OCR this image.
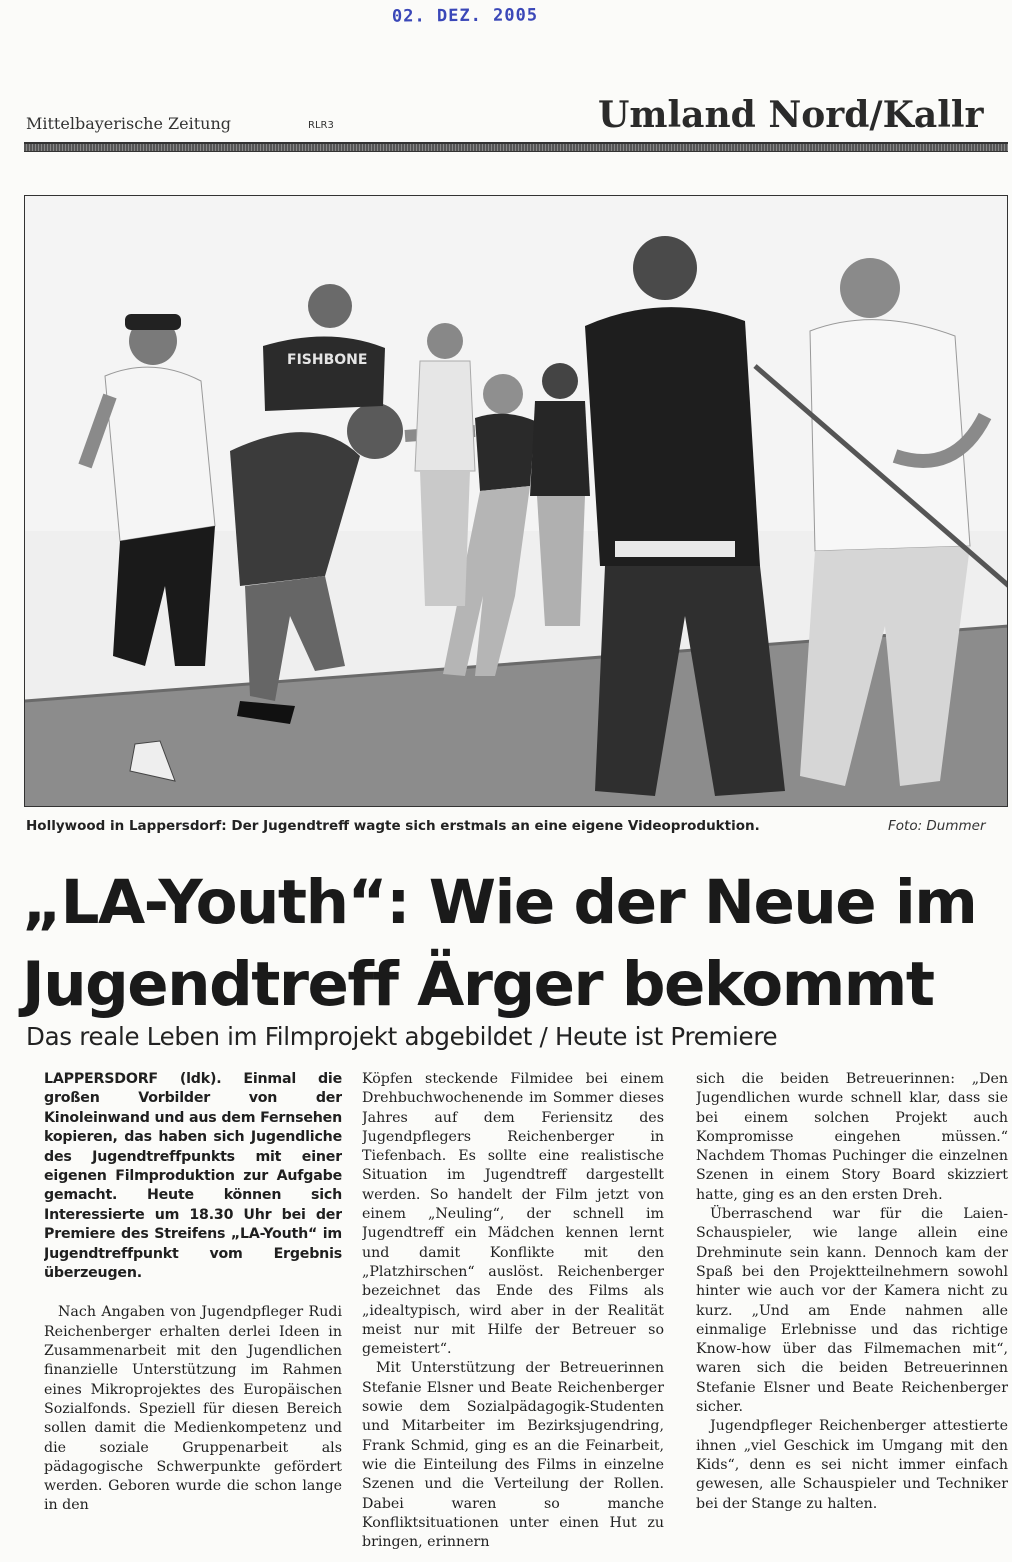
02. DEZ. 2005
Mittelbayerische Zeitung	RLR3	Umland Nord/Kallr
FISHBONE
Hollywood in Lappersdorf: Der Jugendtreff wagte sich erstmals an eine eigene Videoproduktion.	Foto: Dummer
„LA-Youth“: Wie der Neue im
Jugendtreff Ärger bekommt
Das reale Leben im Filmprojekt abgebildet / Heute ist Premiere

LAPPERSDORF (ldk). Einmal die großen Vorbilder von der Kinoleinwand und aus dem Fernsehen kopieren, das haben sich Jugendliche des Jugendtreffpunkts mit einer eigenen Filmproduktion zur Aufgabe gemacht. Heute können sich Interessierte um 18.30 Uhr bei der Premiere des Streifens „LA-Youth“ im Jugendtreffpunkt vom Ergebnis überzeugen.

Nach Angaben von Jugendpfleger Rudi Reichenberger erhalten derlei Ideen in Zusammenarbeit mit den Jugendlichen finanzielle Unterstützung im Rahmen eines Mikroprojektes des Europäischen Sozialfonds. Speziell für diesen Bereich sollen damit die Medienkompetenz und die soziale Gruppenarbeit als pädagogische Schwerpunkte gefördert werden. Geboren wurde die schon lange in den

Köpfen steckende Filmidee bei einem Drehbuchwochenende im Sommer dieses Jahres auf dem Feriensitz des Jugendpflegers Reichenberger in Tiefenbach. Es sollte eine realistische Situation im Jugendtreff dargestellt werden. So handelt der Film jetzt von einem „Neuling“, der schnell im Jugendtreff ein Mädchen kennen lernt und damit Konflikte mit den „Platzhirschen“ auslöst. Reichenberger bezeichnet das Ende des Films als „idealtypisch, wird aber in der Realität meist nur mit Hilfe der Betreuer so gemeistert“.

Mit Unterstützung der Betreuerinnen Stefanie Elsner und Beate Reichenberger sowie dem Sozialpädagogik-Studenten und Mitarbeiter im Bezirksjugendring, Frank Schmid, ging es an die Feinarbeit, wie die Einteilung des Films in einzelne Szenen und die Verteilung der Rollen. Dabei waren so manche Konfliktsituationen unter einen Hut zu bringen, erinnern

sich die beiden Betreuerinnen: „Den Jugendlichen wurde schnell klar, dass sie bei einem solchen Projekt auch Kompromisse eingehen müssen.“ Nachdem Thomas Puchinger die einzelnen Szenen in einem Story Board skizziert hatte, ging es an den ersten Dreh.

Überraschend war für die Laien-Schauspieler, wie lange allein eine Drehminute sein kann. Dennoch kam der Spaß bei den Projektteilnehmern sowohl hinter wie auch vor der Kamera nicht zu kurz. „Und am Ende nahmen alle einmalige Erlebnisse und das richtige Know-how über das Filmemachen mit“, waren sich die beiden Betreuerinnen Stefanie Elsner und Beate Reichenberger sicher.

Jugendpfleger Reichenberger attestierte ihnen „viel Geschick im Umgang mit den Kids“, denn es sei nicht immer einfach gewesen, alle Schauspieler und Techniker bei der Stange zu halten.
